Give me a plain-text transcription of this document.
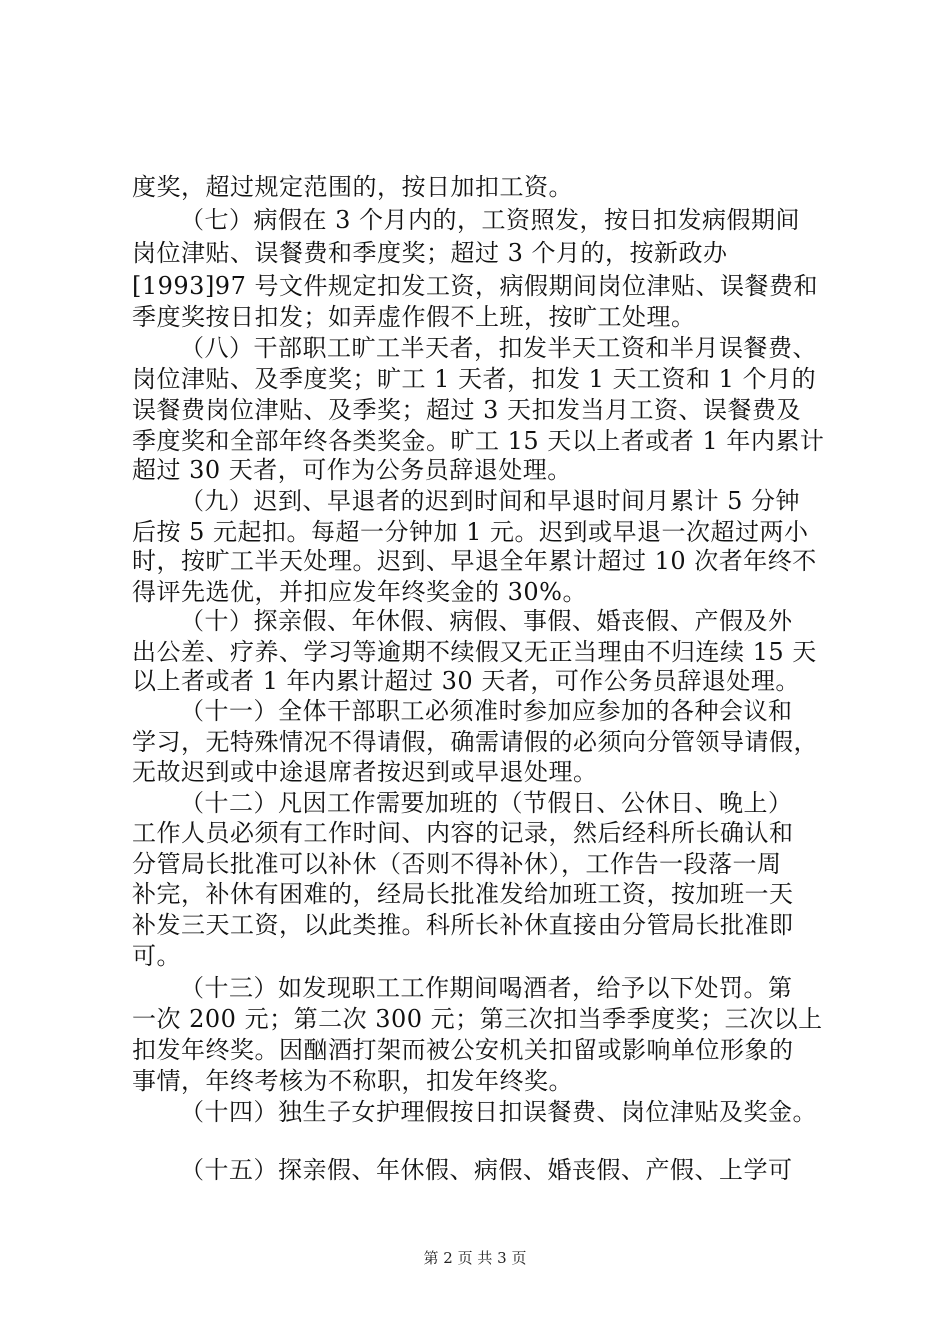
度奖，超过规定范围的，按日加扣工资。
（七）病假在 3 个月内的，工资照发，按日扣发病假期间
岗位津贴、误餐费和季度奖；超过 3 个月的，按新政办
[1993]97 号文件规定扣发工资，病假期间岗位津贴、误餐费和
季度奖按日扣发；如弄虚作假不上班，按旷工处理。
（八）干部职工旷工半天者，扣发半天工资和半月误餐费、
岗位津贴、及季度奖；旷工 1 天者，扣发 1 天工资和 1 个月的
误餐费岗位津贴、及季奖；超过 3 天扣发当月工资、误餐费及
季度奖和全部年终各类奖金。旷工 15 天以上者或者 1 年内累计
超过 30 天者，可作为公务员辞退处理。
（九）迟到、早退者的迟到时间和早退时间月累计 5 分钟
后按 5 元起扣。每超一分钟加 1 元。迟到或早退一次超过两小
时，按旷工半天处理。迟到、早退全年累计超过 10 次者年终不
得评先选优，并扣应发年终奖金的 30%。
（十）探亲假、年休假、病假、事假、婚丧假、产假及外
出公差、疗养、学习等逾期不续假又无正当理由不归连续 15 天
以上者或者 1 年内累计超过 30 天者，可作公务员辞退处理。
（十一）全体干部职工必须准时参加应参加的各种会议和
学习，无特殊情况不得请假，确需请假的必须向分管领导请假，
无故迟到或中途退席者按迟到或早退处理。
（十二）凡因工作需要加班的（节假日、公休日、晚上）
工作人员必须有工作时间、内容的记录，然后经科所长确认和
分管局长批准可以补休（否则不得补休），工作告一段落一周
补完，补休有困难的，经局长批准发给加班工资，按加班一天
补发三天工资，以此类推。科所长补休直接由分管局长批准即
可。
（十三）如发现职工工作期间喝酒者，给予以下处罚。第
一次 200 元；第二次 300 元；第三次扣当季季度奖；三次以上
扣发年终奖。因酗酒打架而被公安机关扣留或影响单位形象的
事情，年终考核为不称职，扣发年终奖。
（十四）独生子女护理假按日扣误餐费、岗位津贴及奖金。
（十五）探亲假、年休假、病假、婚丧假、产假、上学可
第 2 页 共 3 页
